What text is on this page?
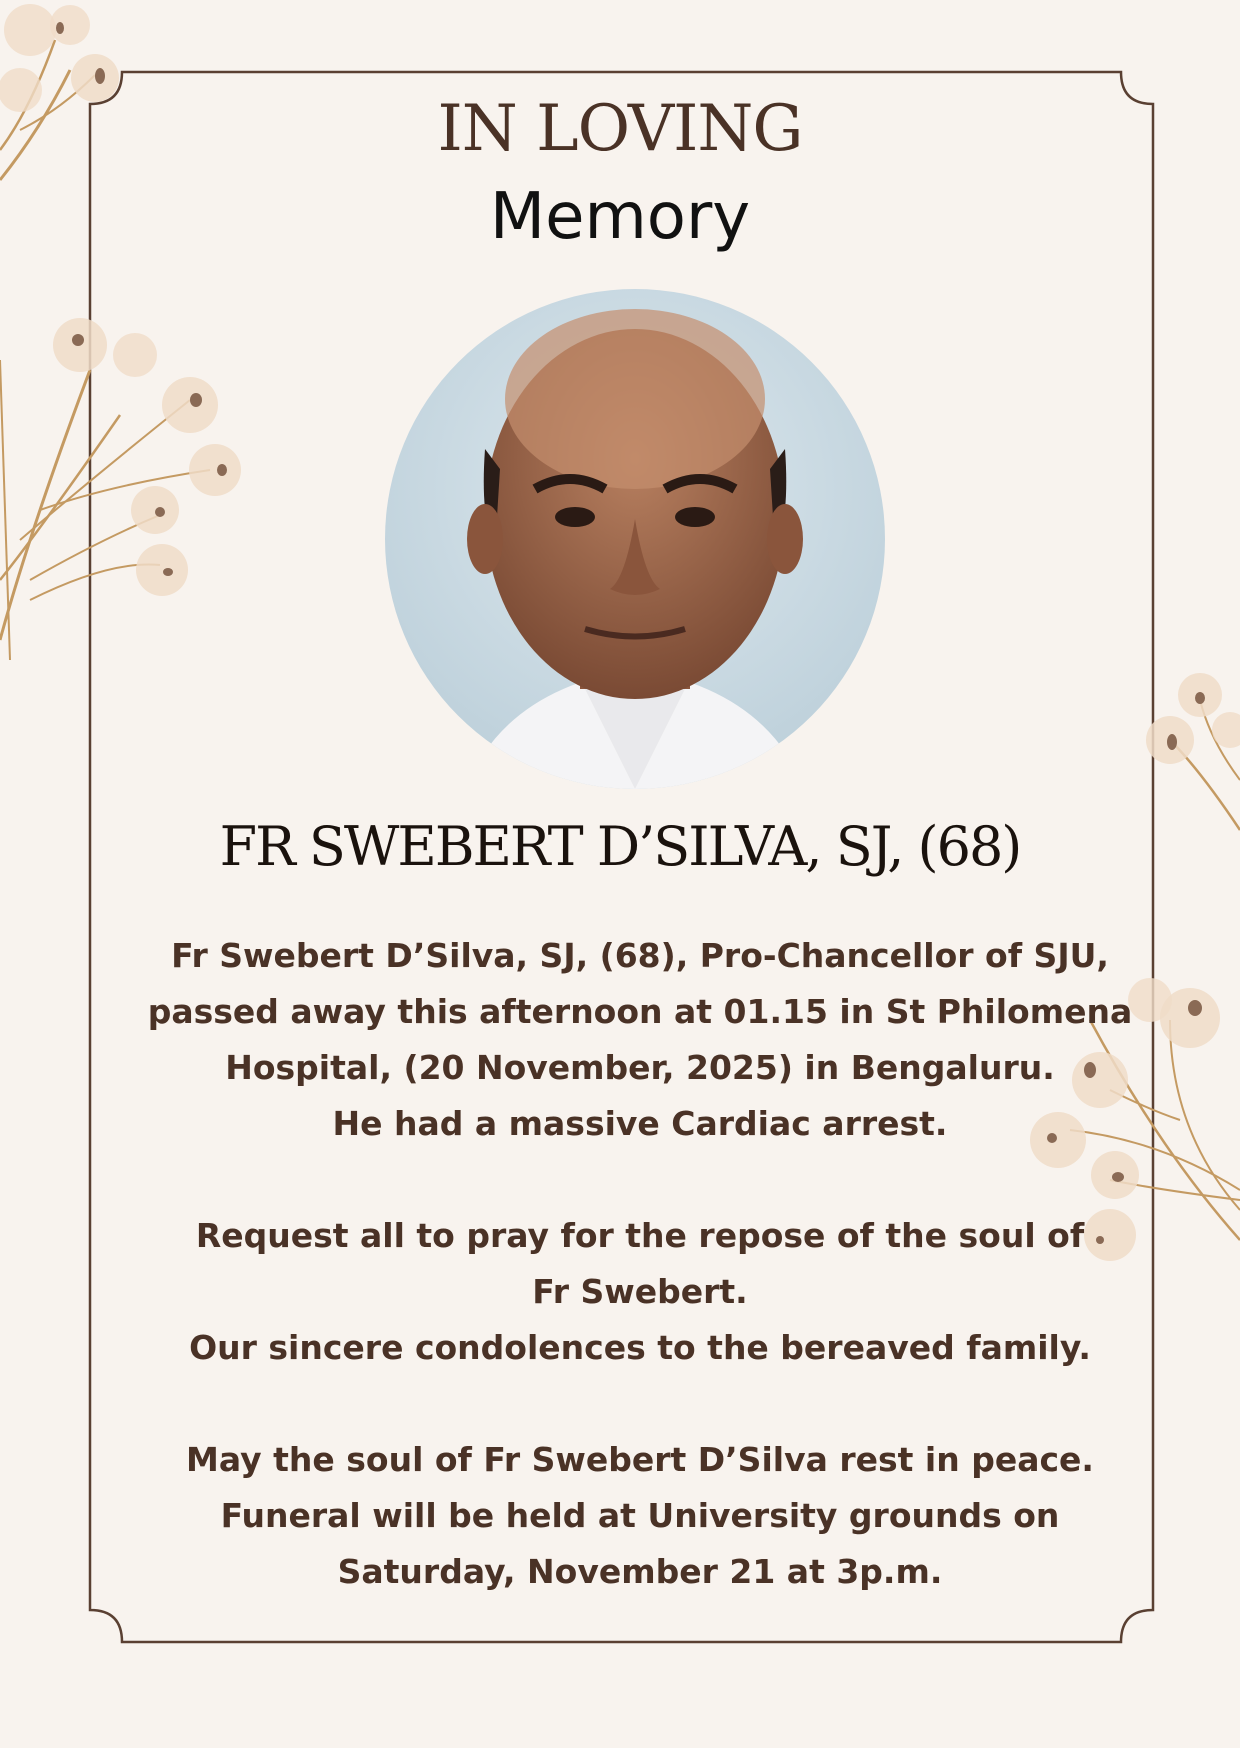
IN LOVING
Memory
FR SWEBERT D’SILVA, SJ, (68)
Fr Swebert D’Silva, SJ, (68), Pro-Chancellor of SJU,
passed away this afternoon at 01.15 in St Philomena
Hospital, (20 November, 2025) in Bengaluru.
He had a massive Cardiac arrest.
Request all to pray for the repose of the soul of
Fr Swebert.
Our sincere condolences to the bereaved family.
May the soul of Fr Swebert D’Silva rest in peace.
Funeral will be held at University grounds on
Saturday, November 21 at 3p.m.
